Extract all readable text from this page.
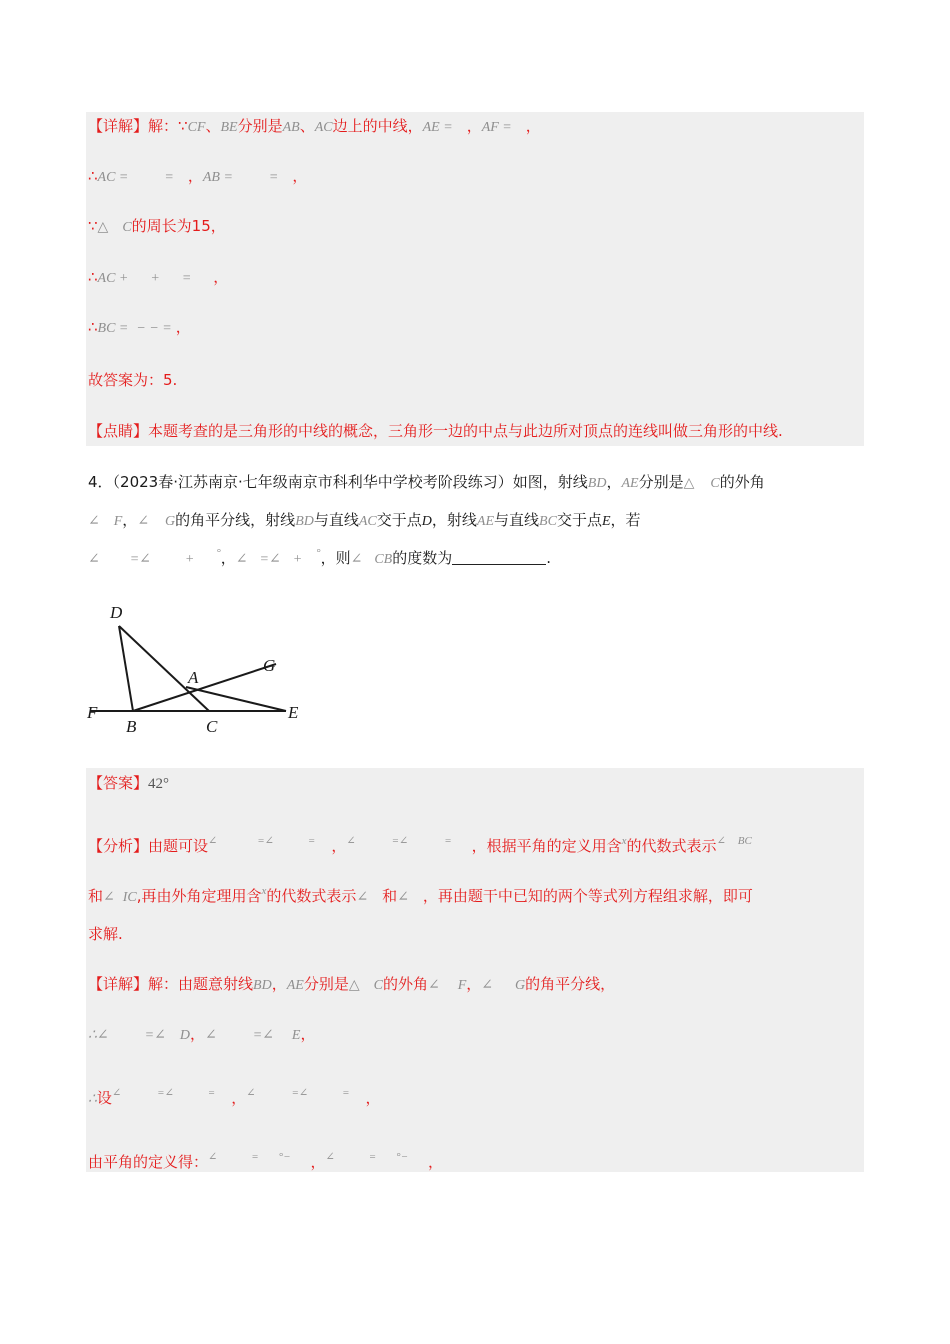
【详解】解：∵CF、BE分别是AB、AC边上的中线，AE = ，AF = ，
∴AC =	= ，AB =	= ，
∵△ C的周长为15，
∴AC + + = ，
∴BC = − − = ，
故答案为：5.
【点睛】本题考查的是三角形的中线的概念，三角形一边的中点与此边所对顶点的连线叫做三角形的中线.
4．（2023春·江苏南京·七年级南京市科利华中学校考阶段练习）如图，射线BD，AE分别是△ C的外角
∠ F，∠ G的角平分线，射线BD与直线AC交于点D，射线AE与直线BC交于点E，若
∠ =∠ + °，∠ =∠ + °，则∠ CB的度数为	.
D
A
G
F
B	C
E
【答案】42°
【分析】由题可设∠	=∠	= ，∠	=∠	= ，根据平角的定义用含$^x$的代数式表示∠ $^{BC}$
和∠ IC,再由外角定理用含$^x$的代数式表示∠ 和∠ ，再由题干中已知的两个等式列方程组求解，即可
求解.
【详解】解：由题意射线BD，AE分别是△ C的外角∠ F，∠ G的角平分线，
∴∠	=∠ D，∠	=∠ E，
∴设∠	=∠	= ，∠	=∠	= ，
由平角的定义得：∠	= °− ，∠	= °− ，
